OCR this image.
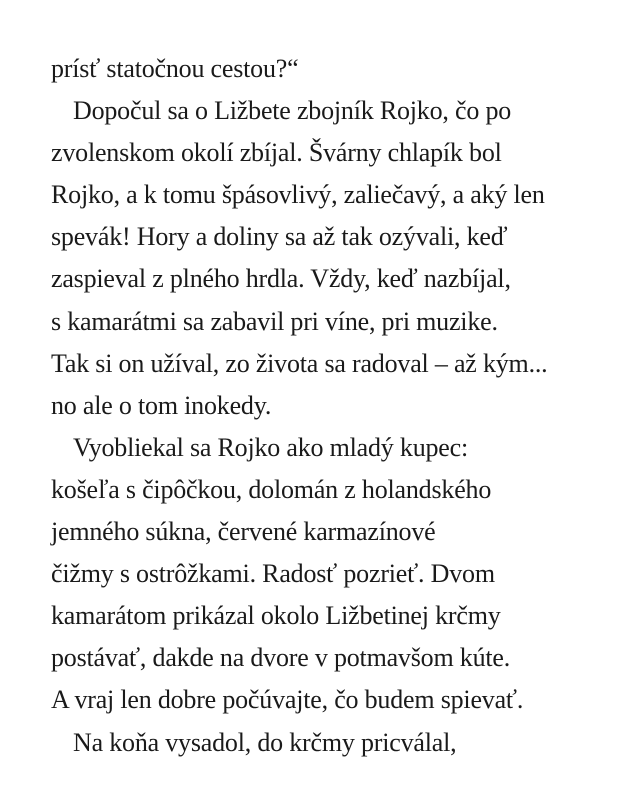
prísť statočnou cestou?“
Dopočul sa o Ližbete zbojník Rojko, čo po
zvolenskom okolí zbíjal. Švárny chlapík bol
Rojko, a k tomu špásovlivý, zaliečavý, a aký len
spevák! Hory a doliny sa až tak ozývali, keď
zaspieval z plného hrdla. Vždy, keď nazbíjal,
s kamarátmi sa zabavil pri víne, pri muzike.
Tak si on užíval, zo života sa radoval – až kým...
no ale o tom inokedy.
Vyobliekal sa Rojko ako mladý kupec:
košeľa s čipôčkou, dolomán z holandského
jemného súkna, červené karmazínové
čižmy s ostrôžkami. Radosť pozrieť. Dvom
kamarátom prikázal okolo Ližbetinej krčmy
postávať, dakde na dvore v potmavšom kúte.
A vraj len dobre počúvajte, čo budem spievať.
Na koňa vysadol, do krčmy pricválal,
